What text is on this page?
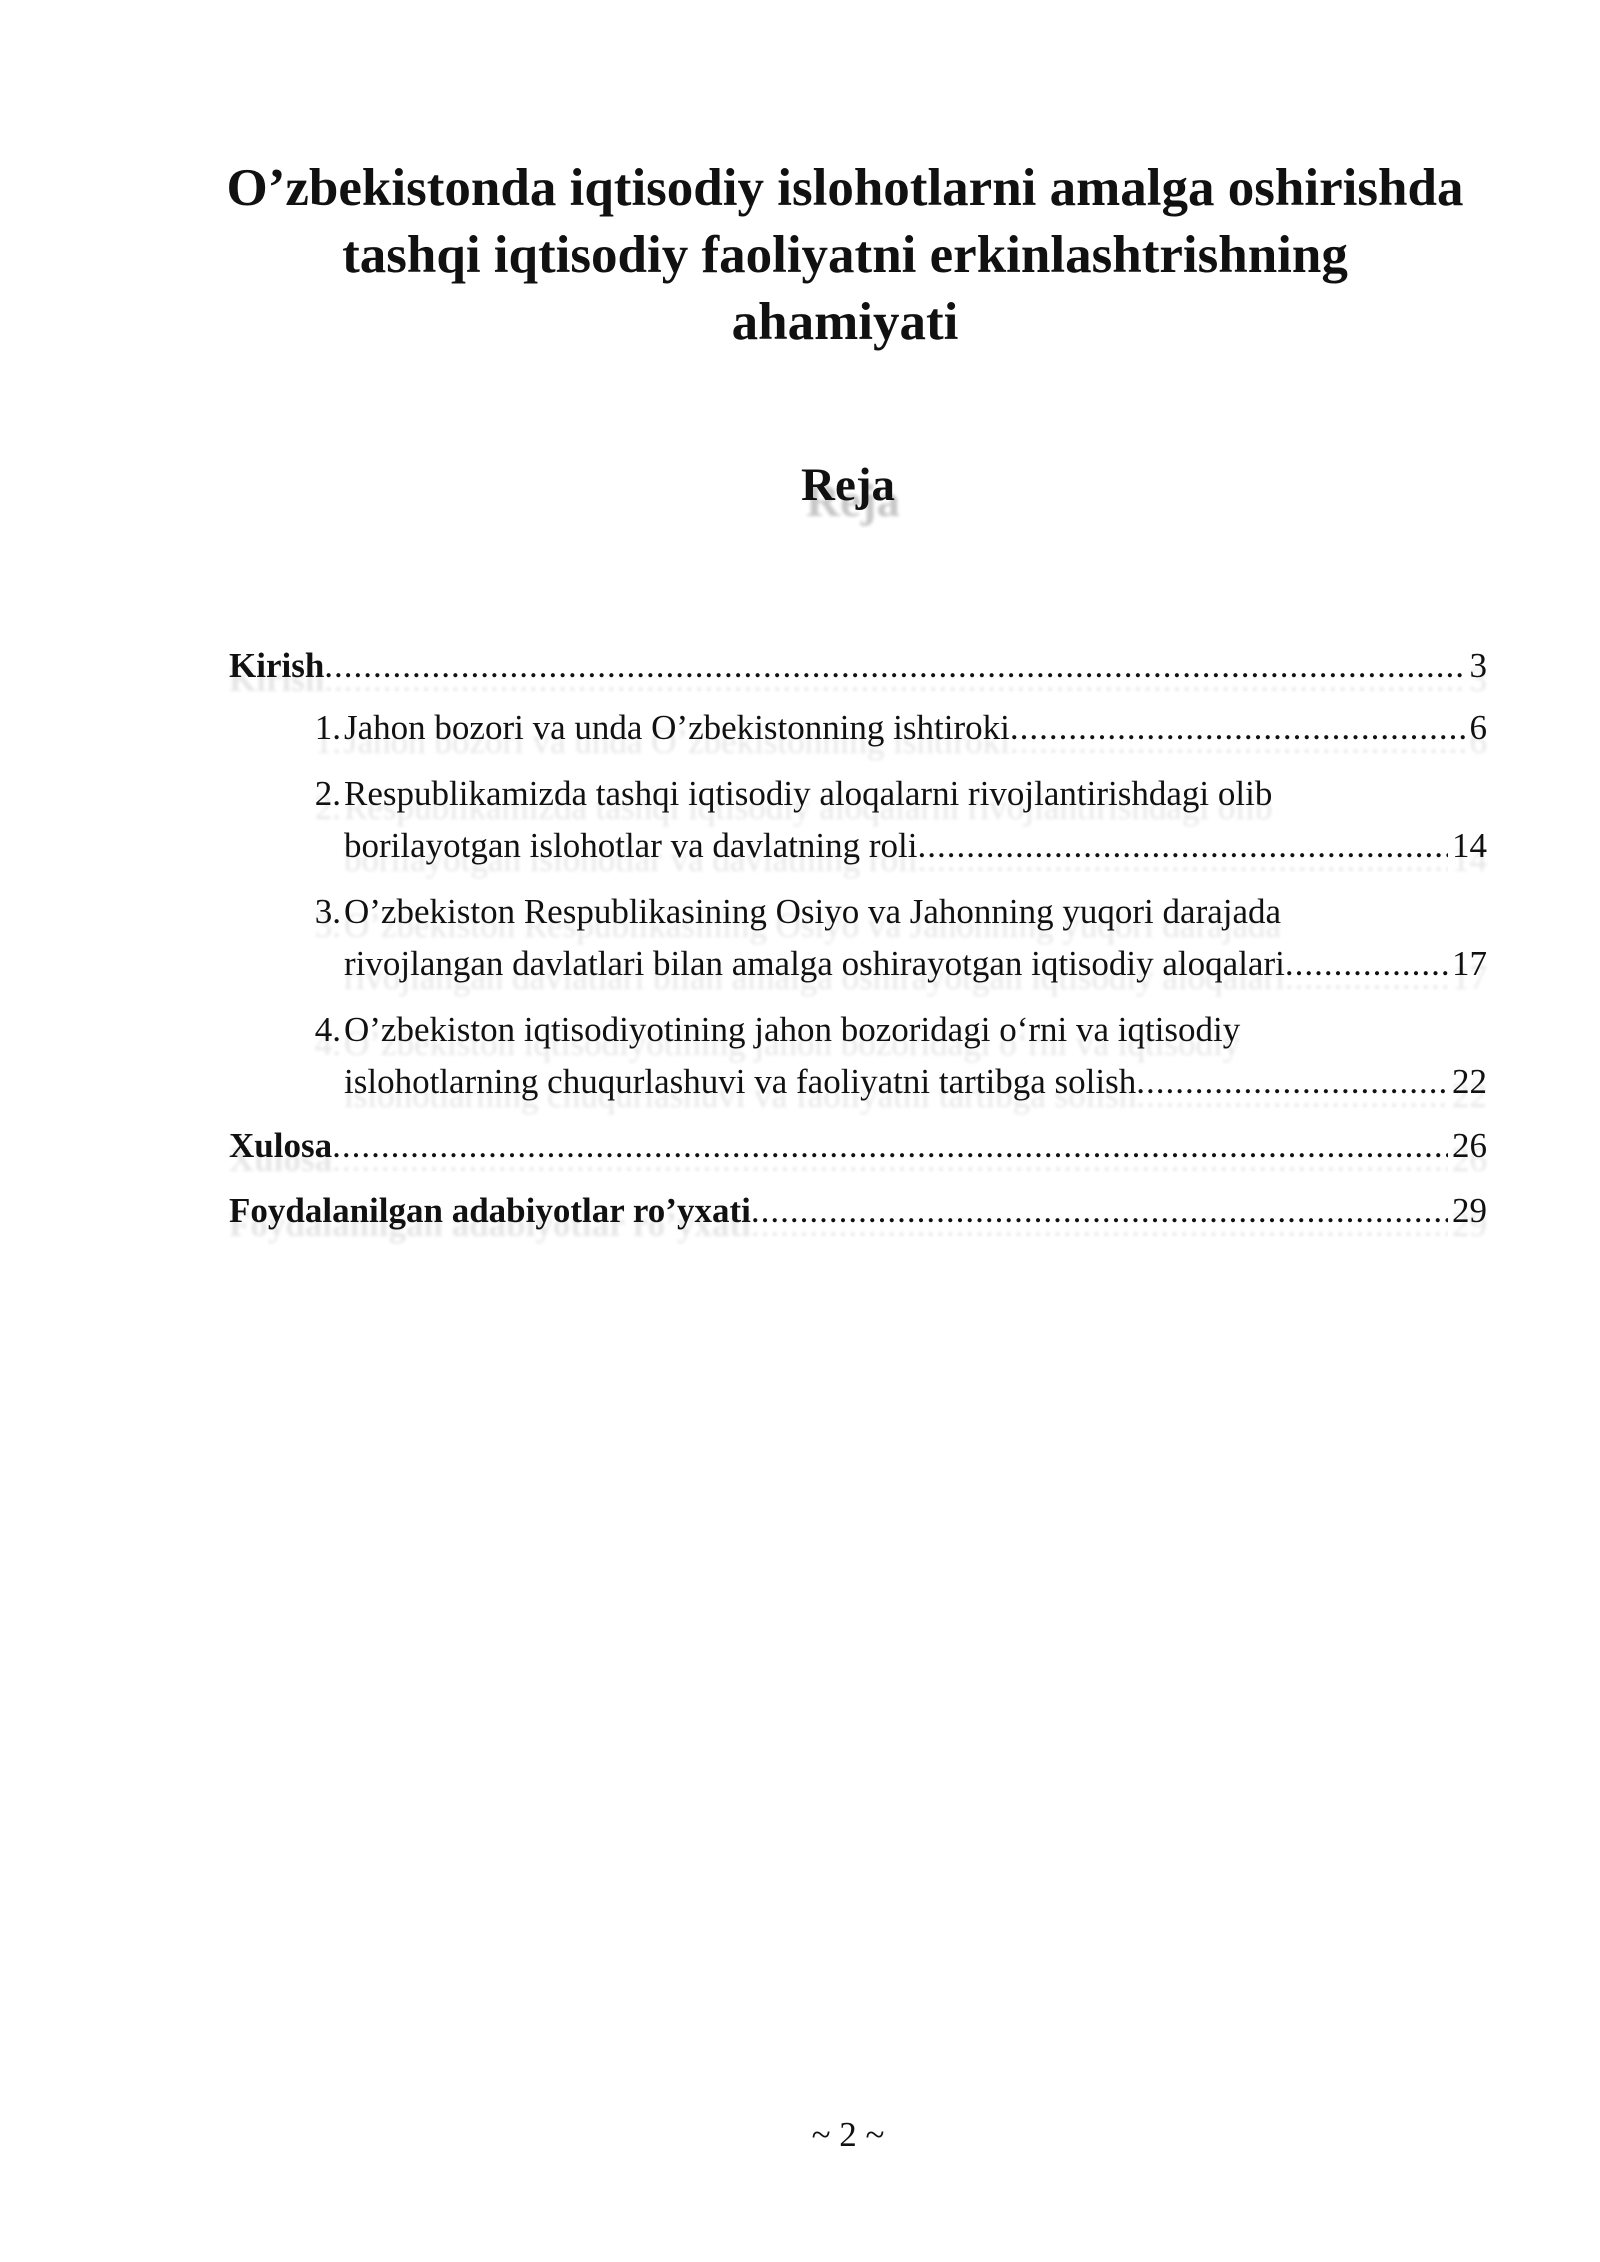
O’zbekistonda iqtisodiy islohotlarni amalga oshirishda
tashqi iqtisodiy faoliyatni erkinlashtrishning
ahamiyati
Reja
Kirish .....	3
1. Jahon bozori va unda O’zbekistonning ishtiroki .....	6
2. Respublikamizda tashqi iqtisodiy aloqalarni rivojlantirishdagi olib
borilayotgan islohotlar va davlatning roli .....	14
3. O’zbekiston Respublikasining Osiyo va Jahonning yuqori darajada
rivojlangan davlatlari bilan amalga oshirayotgan iqtisodiy aloqalari .....	17
4. O’zbekiston iqtisodiyotining jahon bozoridagi o‘rni va iqtisodiy
islohotlarning chuqurlashuvi va faoliyatni tartibga solish .....	22
Xulosa .....	26
Foydalanilgan adabiyotlar ro’yxati .....	29
~ 2 ~
